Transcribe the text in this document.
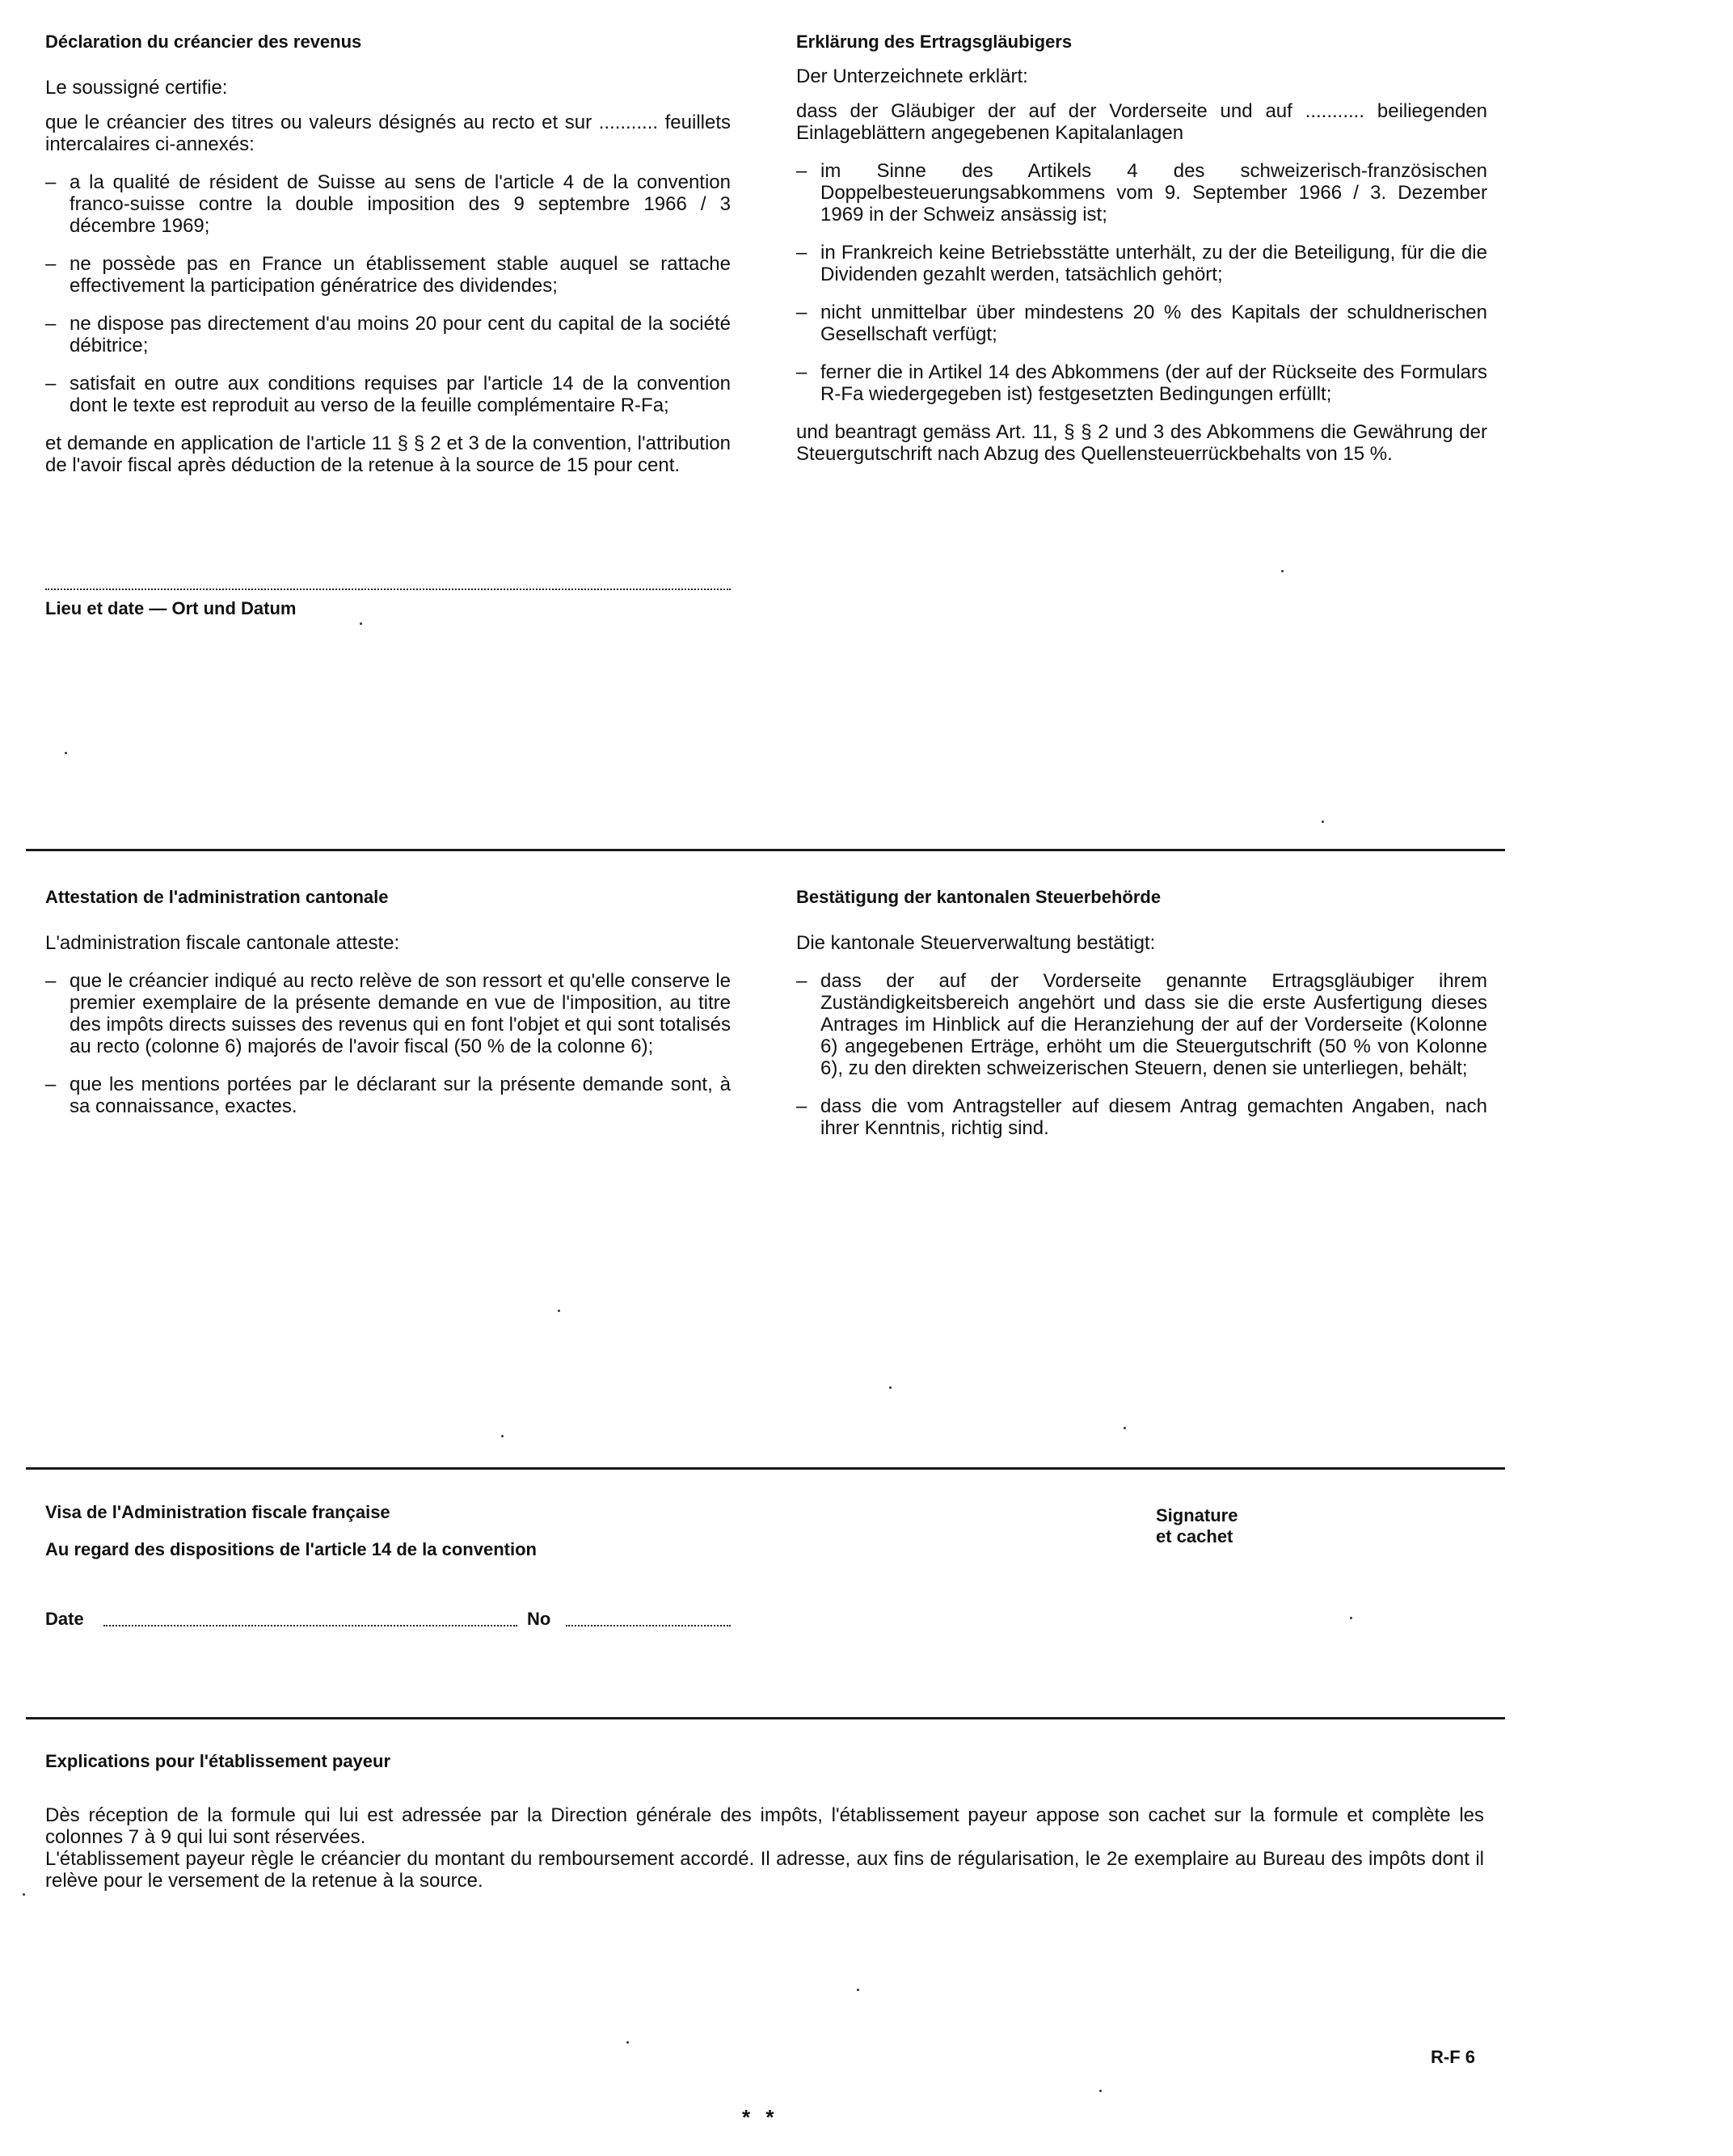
Déclaration du créancier des revenus

Le soussigné certifie:

que le créancier des titres ou valeurs désignés au recto et sur ........... feuillets intercalaires ci-annexés:

– a la qualité de résident de Suisse au sens de l'article 4 de la convention franco-suisse contre la double imposition des 9 septembre 1966 / 3 décembre 1969;
– ne possède pas en France un établissement stable auquel se rattache effectivement la participation génératrice des dividendes;
– ne dispose pas directement d'au moins 20 pour cent du capital de la société débitrice;
– satisfait en outre aux conditions requises par l'article 14 de la convention dont le texte est reproduit au verso de la feuille complémentaire R-Fa;

et demande en application de l'article 11 § § 2 et 3 de la convention, l'attribution de l'avoir fiscal après déduction de la retenue à la source de 15 pour cent.

Lieu et date — Ort und Datum
Erklärung des Ertragsgläubigers

Der Unterzeichnete erklärt:

dass der Gläubiger der auf der Vorderseite und auf ........... beiliegenden Einlageblättern angegebenen Kapitalanlagen

– im Sinne des Artikels 4 des schweizerisch-französischen Doppelbesteuerungsabkommens vom 9. September 1966 / 3. Dezember 1969 in der Schweiz ansässig ist;
– in Frankreich keine Betriebsstätte unterhält, zu der die Beteiligung, für die die Dividenden gezahlt werden, tatsächlich gehört;
– nicht unmittelbar über mindestens 20 % des Kapitals der schuldnerischen Gesellschaft verfügt;
– ferner die in Artikel 14 des Abkommens (der auf der Rückseite des Formulars R-Fa wiedergegeben ist) festgesetzten Bedingungen erfüllt;

und beantragt gemäss Art. 11, § § 2 und 3 des Abkommens die Gewährung der Steuergutschrift nach Abzug des Quellensteuerrückbehalts von 15 %.

Attestation de l'administration cantonale

L'administration fiscale cantonale atteste:

– que le créancier indiqué au recto relève de son ressort et qu'elle conserve le premier exemplaire de la présente demande en vue de l'imposition, au titre des impôts directs suisses des revenus qui en font l'objet et qui sont totalisés au recto (colonne 6) majorés de l'avoir fiscal (50 % de la colonne 6);
– que les mentions portées par le déclarant sur la présente demande sont, à sa connaissance, exactes.
Bestätigung der kantonalen Steuerbehörde

Die kantonale Steuerverwaltung bestätigt:

– dass der auf der Vorderseite genannte Ertragsgläubiger ihrem Zuständigkeitsbereich angehört und dass sie die erste Ausfertigung dieses Antrages im Hinblick auf die Heranziehung der auf der Vorderseite (Kolonne 6) angegebenen Erträge, erhöht um die Steuergutschrift (50 % von Kolonne 6), zu den direkten schweizerischen Steuern, denen sie unterliegen, behält;
– dass die vom Antragsteller auf diesem Antrag gemachten Angaben, nach ihrer Kenntnis, richtig sind.
Visa de l'Administration fiscale française
Au regard des dispositions de l'article 14 de la convention
Signature
et cachet
Date	No
Explications pour l'établissement payeur

Dès réception de la formule qui lui est adressée par la Direction générale des impôts, l'établissement payeur appose son cachet sur la formule et complète les colonnes 7 à 9 qui lui sont réservées.

L'établissement payeur règle le créancier du montant du remboursement accordé. Il adresse, aux fins de régularisation, le 2e exemplaire au Bureau des impôts dont il relève pour le versement de la retenue à la source.

R-F 6
* *
